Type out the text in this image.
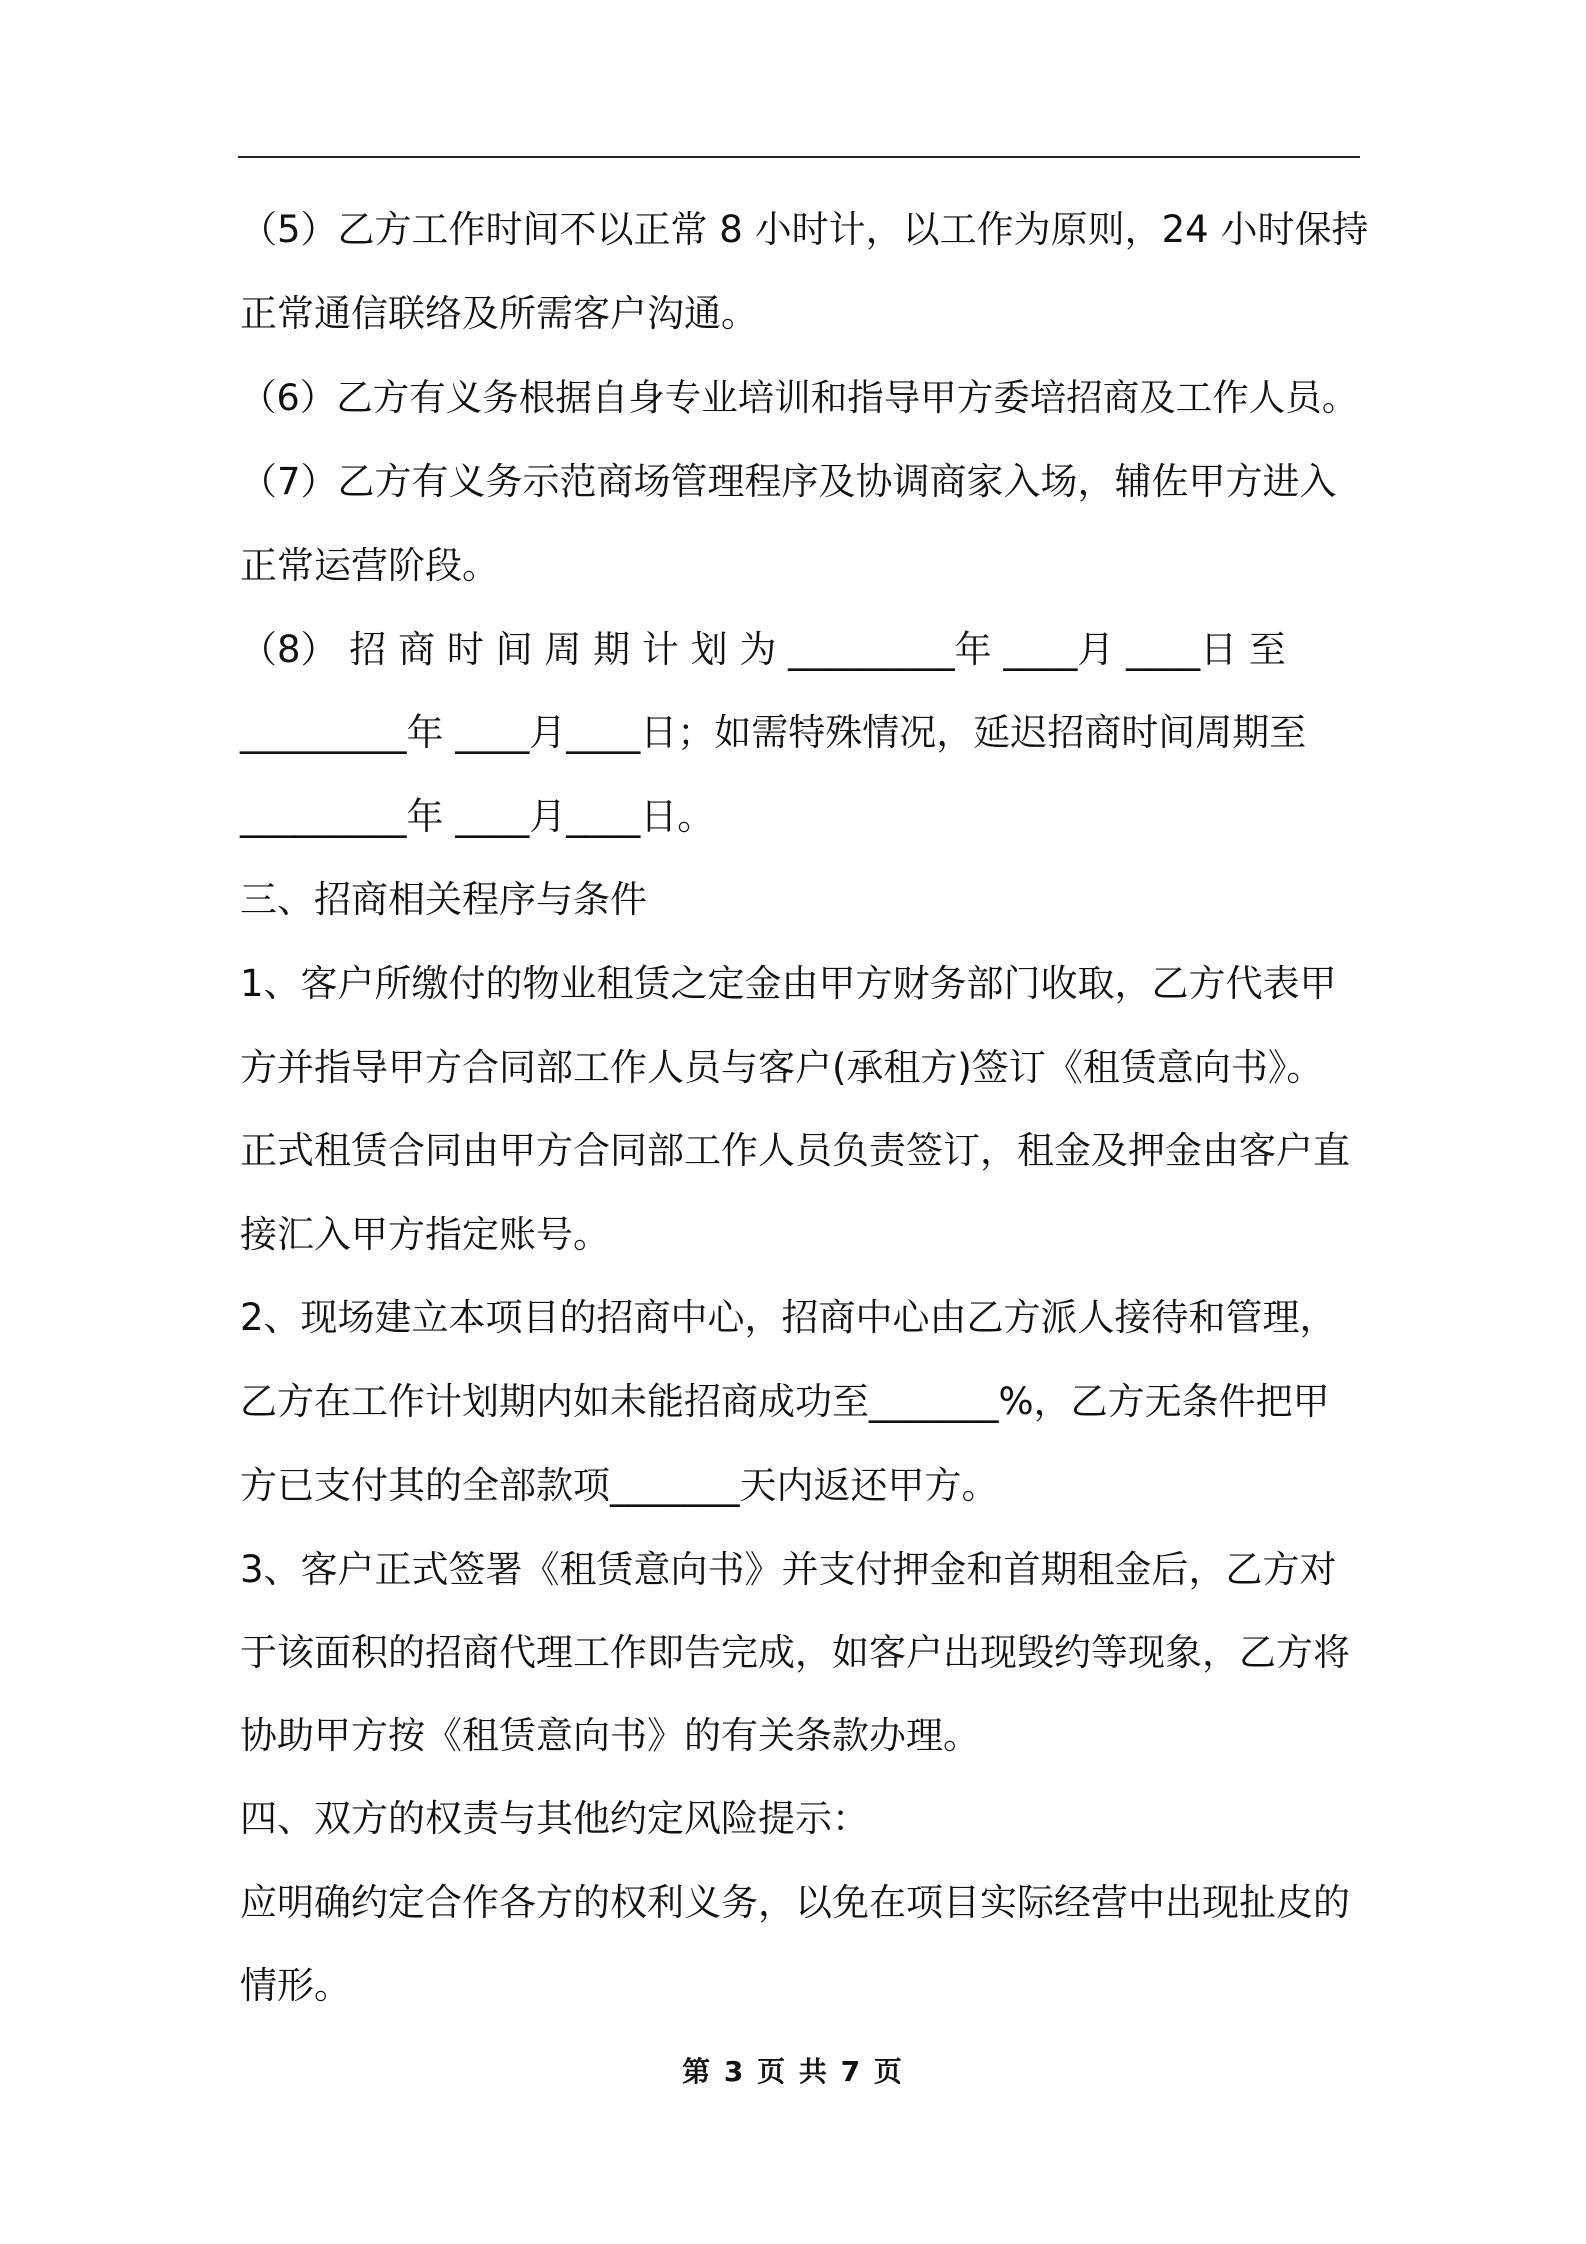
（5）乙方工作时间不以正常 8 小时计，以工作为原则，24 小时保持
正常通信联络及所需客户沟通。
（6）乙方有义务根据自身专业培训和指导甲方委培招商及工作人员。
（7）乙方有义务示范商场管理程序及协调商家入场，辅佐甲方进入
正常运营阶段。
（8） 招 商 时 间 周 期 计 划 为 _________年 ____月 ____日 至
_________年 ____月____日；如需特殊情况，延迟招商时间周期至
_________年 ____月____日。
三、招商相关程序与条件
1、客户所缴付的物业租赁之定金由甲方财务部门收取，乙方代表甲
方并指导甲方合同部工作人员与客户(承租方)签订《租赁意向书》。
正式租赁合同由甲方合同部工作人员负责签订，租金及押金由客户直
接汇入甲方指定账号。
2、现场建立本项目的招商中心，招商中心由乙方派人接待和管理，
乙方在工作计划期内如未能招商成功至_______%，乙方无条件把甲
方已支付其的全部款项_______天内返还甲方。
3、客户正式签署《租赁意向书》并支付押金和首期租金后，乙方对
于该面积的招商代理工作即告完成，如客户出现毁约等现象，乙方将
协助甲方按《租赁意向书》的有关条款办理。
四、双方的权责与其他约定风险提示：
应明确约定合作各方的权利义务，以免在项目实际经营中出现扯皮的
情形。
第 3 页 共 7 页
